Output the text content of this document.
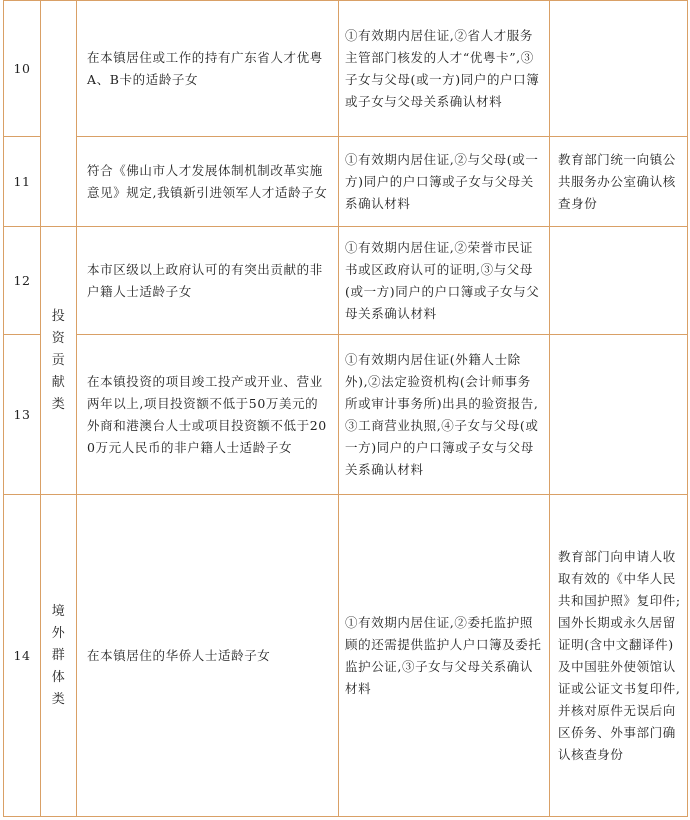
10		在本镇居住或工作的持有广东省人才优粤A、B卡的适龄子女	①有效期内居住证,②省人才服务主管部门核发的人才“优粤卡”,③子女与父母(或一方)同户的户口簿或子女与父母关系确认材料	
11		符合《佛山市人才发展体制机制改革实施意见》规定,我镇新引进领军人才适龄子女	①有效期内居住证,②与父母(或一方)同户的户口簿或子女与父母关系确认材料	教育部门统一向镇公共服务办公室确认核查身份
12	投资贡献类	本市区级以上政府认可的有突出贡献的非户籍人士适龄子女	①有效期内居住证,②荣誉市民证书或区政府认可的证明,③与父母(或一方)同户的户口簿或子女与父母关系确认材料	
13		在本镇投资的项目竣工投产或开业、营业两年以上,项目投资额不低于50万美元的外商和港澳台人士或项目投资额不低于200万元人民币的非户籍人士适龄子女	①有效期内居住证(外籍人士除外),②法定验资机构(会计师事务所或审计事务所)出具的验资报告,③工商营业执照,④子女与父母(或一方)同户的户口簿或子女与父母关系确认材料	
14	境外群体类	在本镇居住的华侨人士适龄子女	①有效期内居住证,②委托监护照顾的还需提供监护人户口簿及委托监护公证,③子女与父母关系确认材料	教育部门向申请人收取有效的《中华人民共和国护照》复印件;国外长期或永久居留证明(含中文翻译件)及中国驻外使领馆认证或公证文书复印件,并核对原件无误后向区侨务、外事部门确认核查身份
